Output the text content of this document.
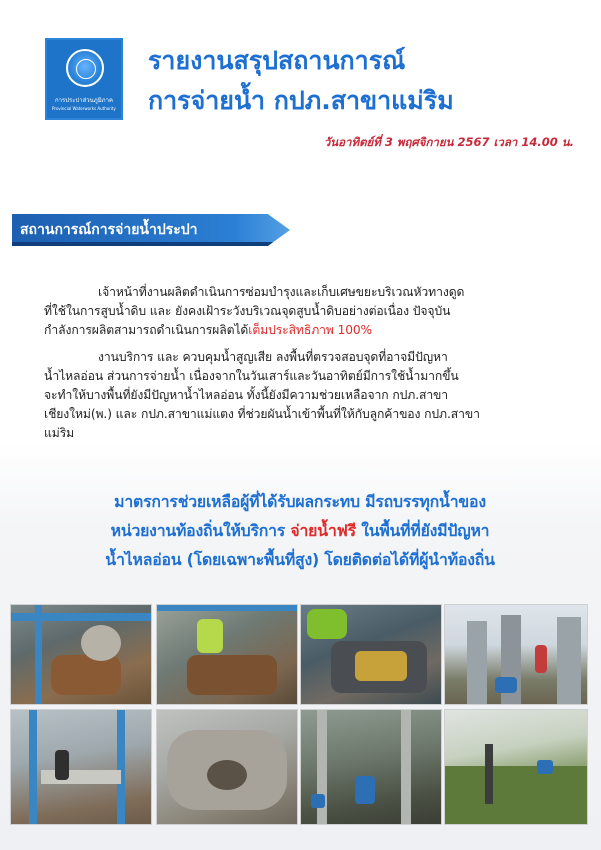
การประปาส่วนภูมิภาค
Provincial Waterworks Authority
รายงานสรุปสถานการณ์
การจ่ายน้ำ กปภ.สาขาแม่ริม
วันอาทิตย์ที่ 3 พฤศจิกายน 2567 เวลา 14.00 น.
สถานการณ์การจ่ายน้ำประปา
เจ้าหน้าที่งานผลิตดำเนินการซ่อมบำรุงและเก็บเศษขยะบริเวณหัวทางดูด
ที่ใช้ในการสูบน้ำดิบ และ ยังคงเฝ้าระวังบริเวณจุดสูบน้ำดิบอย่างต่อเนื่อง ปัจจุบัน
กำลังการผลิตสามารถดำเนินการผลิตได้เต็มประสิทธิภาพ 100%
งานบริการ และ ควบคุมน้ำสูญเสีย ลงพื้นที่ตรวจสอบจุดที่อาจมีปัญหา
น้ำไหลอ่อน ส่วนการจ่ายน้ำ เนื่องจากในวันเสาร์และวันอาทิตย์มีการใช้น้ำมากขึ้น
จะทำให้บางพื้นที่ยังมีปัญหาน้ำไหลอ่อน ทั้งนี้ยังมีความช่วยเหลือจาก กปภ.สาขา
เชียงใหม่(พ.) และ กปภ.สาขาแม่แตง ที่ช่วยผันน้ำเข้าพื้นที่ให้กับลูกค้าของ กปภ.สาขา
แม่ริม
มาตรการช่วยเหลือผู้ที่ได้รับผลกระทบ มีรถบรรทุกน้ำของ
หน่วยงานท้องถิ่นให้บริการ จ่ายน้ำฟรี ในพื้นที่ที่ยังมีปัญหา
น้ำไหลอ่อน (โดยเฉพาะพื้นที่สูง) โดยติดต่อได้ที่ผู้นำท้องถิ่น
